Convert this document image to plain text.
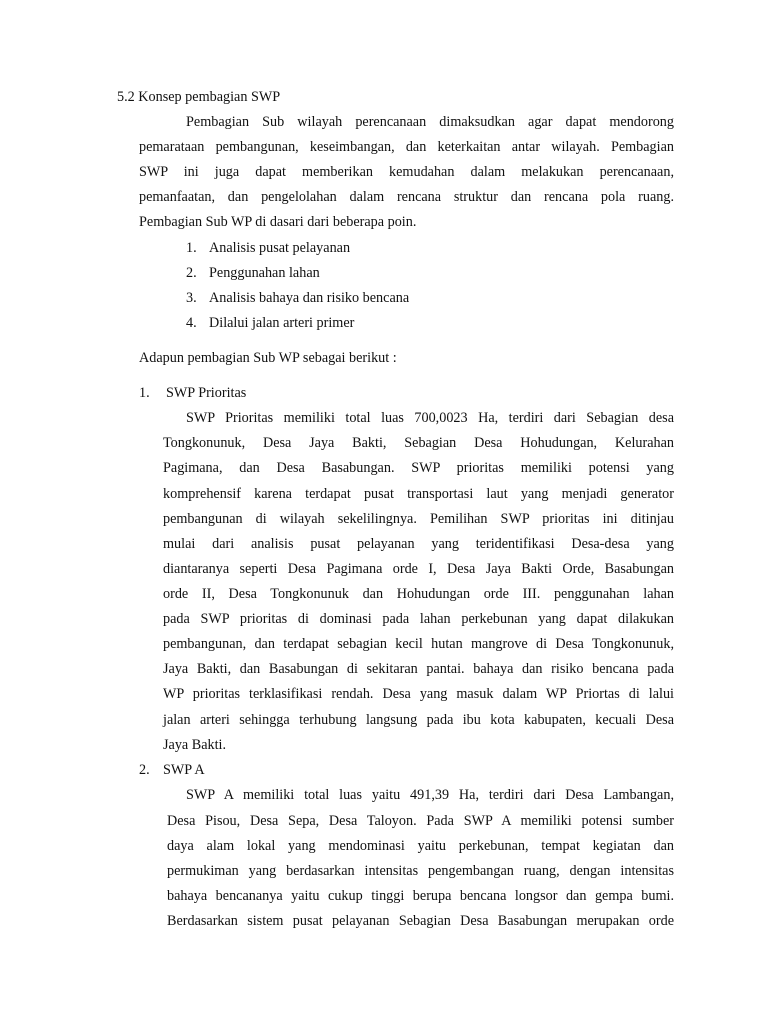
5.2 Konsep pembagian SWP
Pembagian Sub wilayah perencanaan dimaksudkan agar dapat mendorong
pemarataan pembangunan, keseimbangan, dan keterkaitan antar wilayah. Pembagian
SWP ini juga dapat memberikan kemudahan dalam melakukan perencanaan,
pemanfaatan, dan pengelolahan dalam rencana struktur dan rencana pola ruang.
Pembagian Sub WP di dasari dari beberapa poin.
1. Analisis pusat pelayanan
2. Penggunahan lahan
3. Analisis bahaya dan risiko bencana
4. Dilalui jalan arteri primer
Adapun pembagian Sub WP sebagai berikut :
1. SWP Prioritas
SWP Prioritas memiliki total luas 700,0023 Ha, terdiri dari Sebagian desa
Tongkonunuk, Desa Jaya Bakti, Sebagian Desa Hohudungan, Kelurahan
Pagimana, dan Desa Basabungan. SWP prioritas memiliki potensi yang
komprehensif karena terdapat pusat transportasi laut yang menjadi generator
pembangunan di wilayah sekelilingnya. Pemilihan SWP prioritas ini ditinjau
mulai dari analisis pusat pelayanan yang teridentifikasi Desa-desa yang
diantaranya seperti Desa Pagimana orde I, Desa Jaya Bakti Orde, Basabungan
orde II, Desa Tongkonunuk dan Hohudungan orde III. penggunahan lahan
pada SWP prioritas di dominasi pada lahan perkebunan yang dapat dilakukan
pembangunan, dan terdapat sebagian kecil hutan mangrove di Desa Tongkonunuk,
Jaya Bakti, dan Basabungan di sekitaran pantai. bahaya dan risiko bencana pada
WP prioritas terklasifikasi rendah. Desa yang masuk dalam WP Priortas di lalui
jalan arteri sehingga terhubung langsung pada ibu kota kabupaten, kecuali Desa
Jaya Bakti.
2. SWP A
SWP A memiliki total luas yaitu 491,39 Ha, terdiri dari Desa Lambangan,
Desa Pisou, Desa Sepa, Desa Taloyon. Pada SWP A memiliki potensi sumber
daya alam lokal yang mendominasi yaitu perkebunan, tempat kegiatan dan
permukiman yang berdasarkan intensitas pengembangan ruang, dengan intensitas
bahaya bencananya yaitu cukup tinggi berupa bencana longsor dan gempa bumi.
Berdasarkan sistem pusat pelayanan Sebagian Desa Basabungan merupakan orde
